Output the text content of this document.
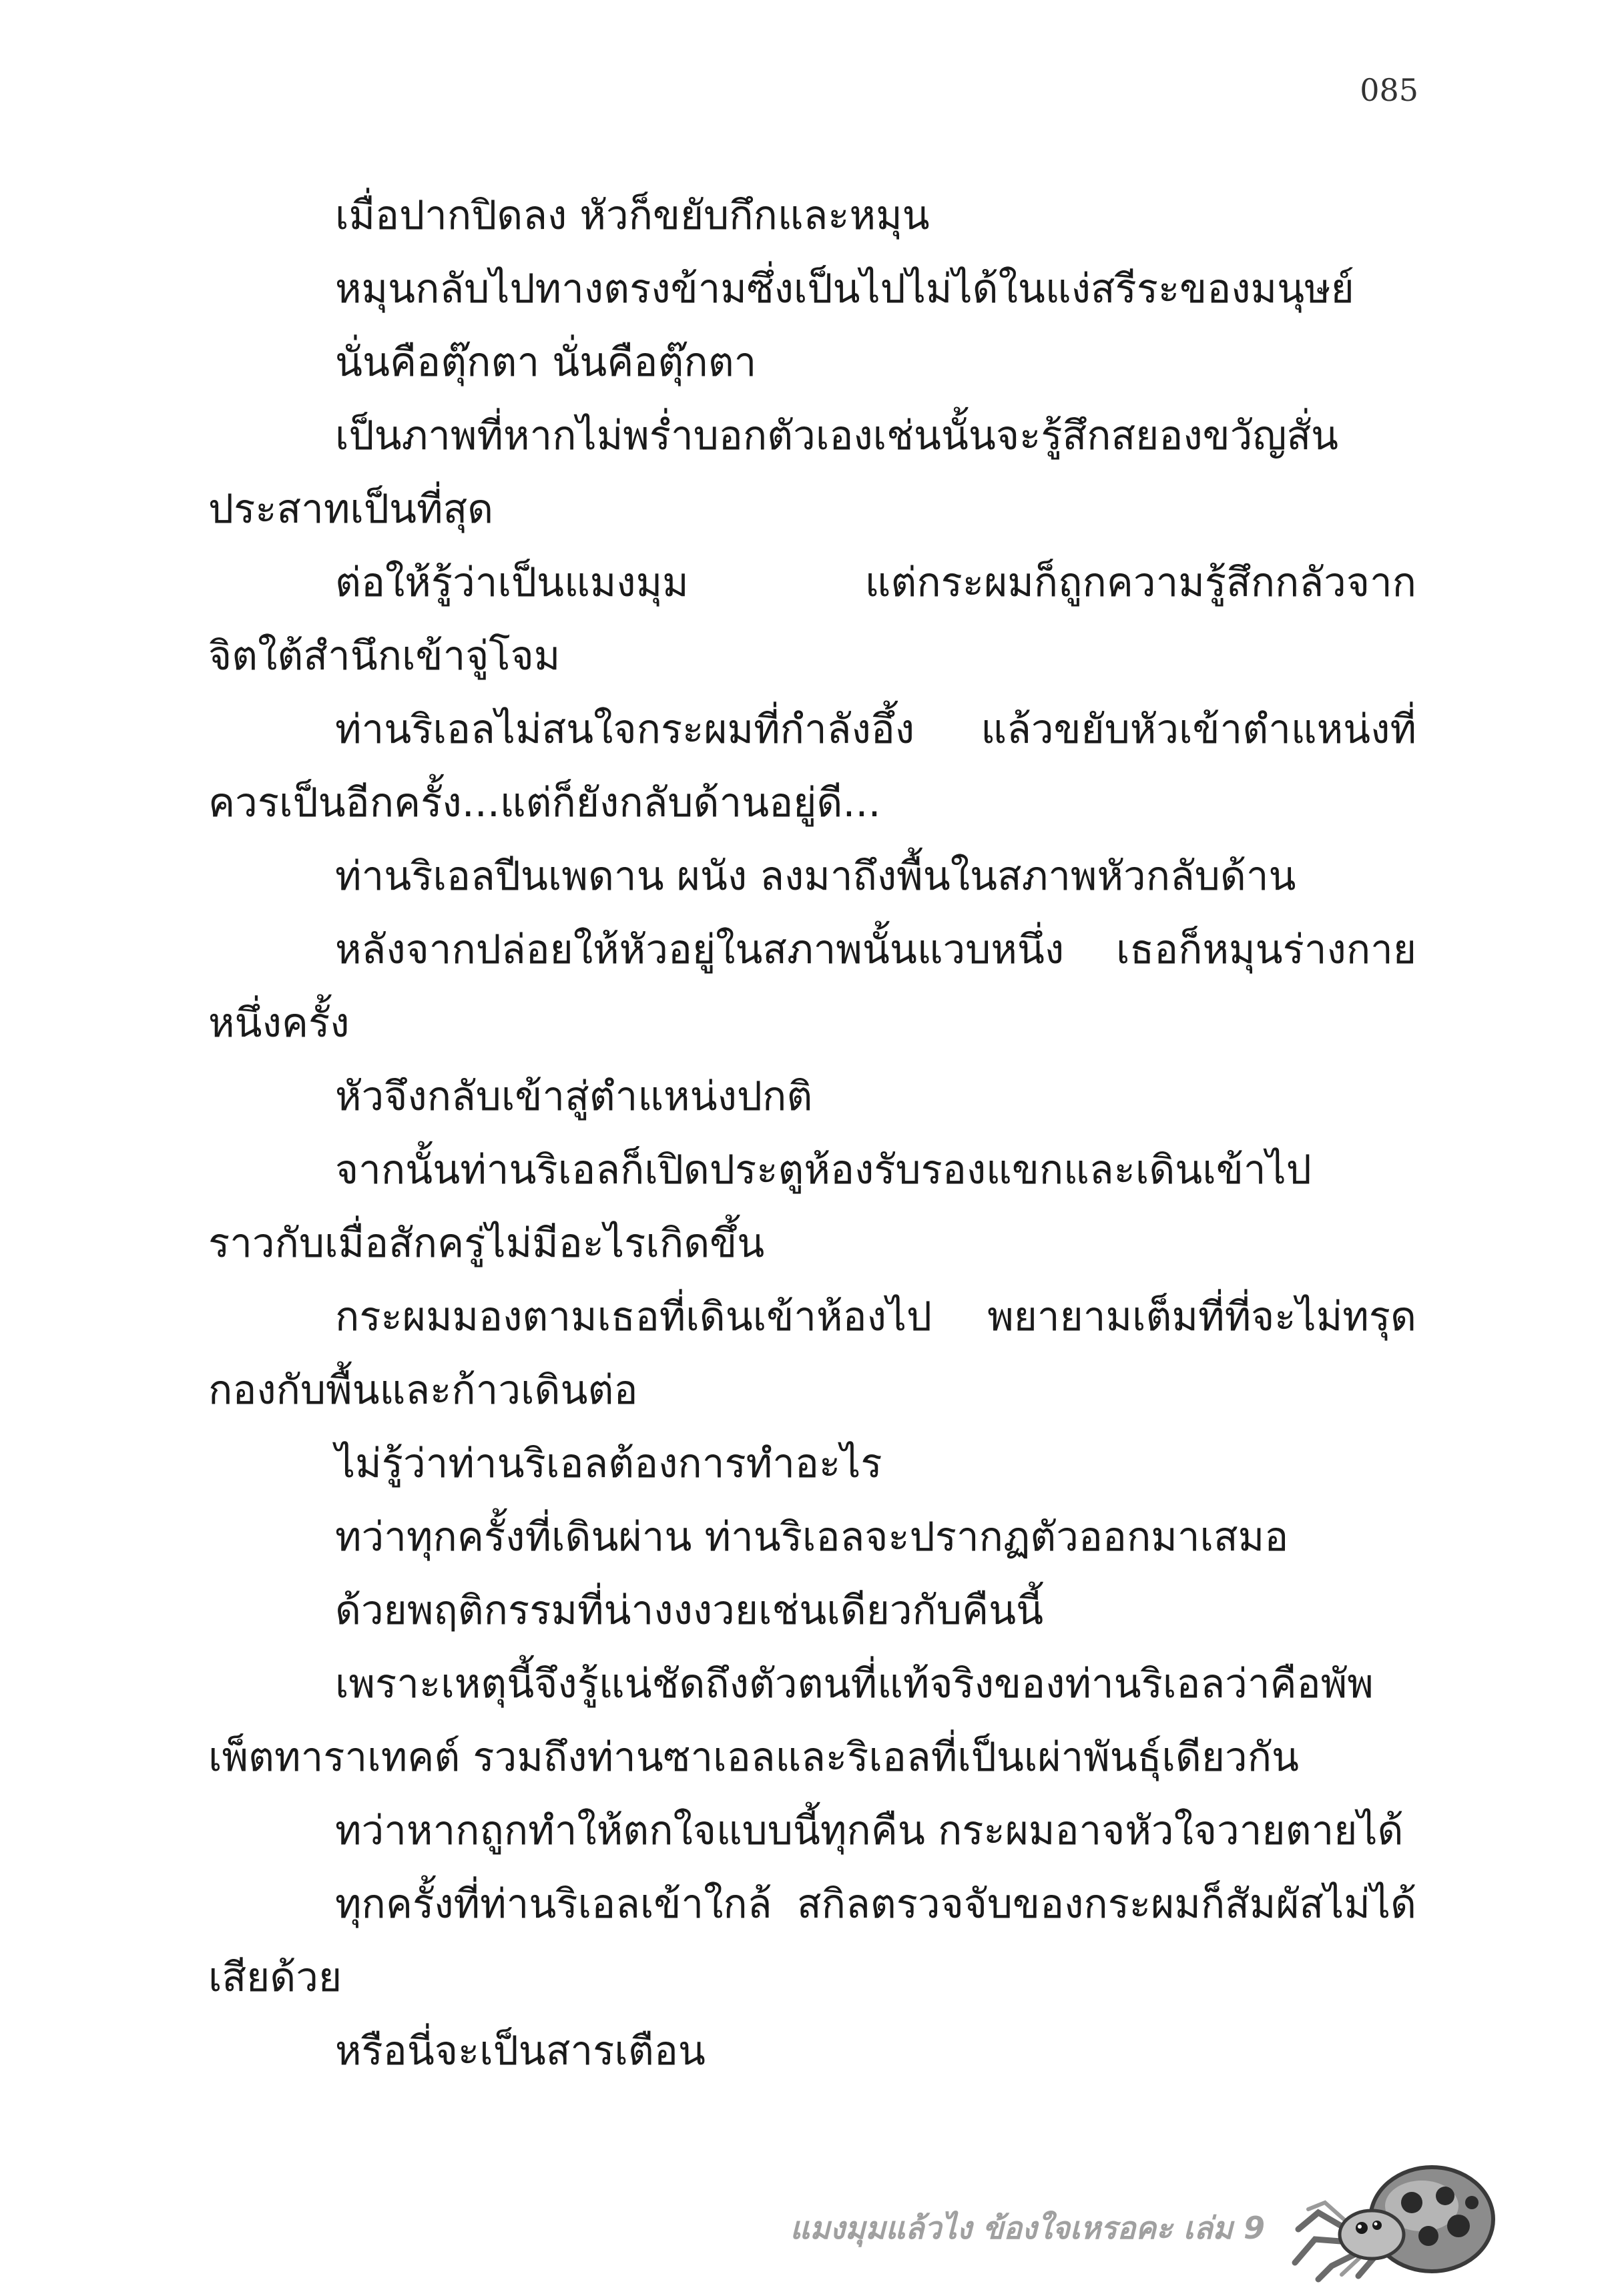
085

เมื่อปากปิดลง หัวก็ขยับกึกและหมุน

หมุนกลับไปทางตรงข้ามซึ่งเป็นไปไม่ได้ในแง่สรีระของมนุษย์

นั่นคือตุ๊กตา นั่นคือตุ๊กตา

เป็นภาพที่หากไม่พร่ำบอกตัวเองเช่นนั้นจะรู้สึกสยองขวัญสั่นประสาทเป็นที่สุด

ต่อให้รู้ว่าเป็นแมงมุม แต่กระผมก็ถูกความรู้สึกกลัวจากจิตใต้สำนึกเข้าจู่โจม

ท่านริเอลไม่สนใจกระผมที่กำลังอึ้ง แล้วขยับหัวเข้าตำแหน่งที่ควรเป็นอีกครั้ง...แต่ก็ยังกลับด้านอยู่ดี...

ท่านริเอลปีนเพดาน ผนัง ลงมาถึงพื้นในสภาพหัวกลับด้าน

หลังจากปล่อยให้หัวอยู่ในสภาพนั้นแวบหนึ่ง เธอก็หมุนร่างกายหนึ่งครั้ง

หัวจึงกลับเข้าสู่ตำแหน่งปกติ

จากนั้นท่านริเอลก็เปิดประตูห้องรับรองแขกและเดินเข้าไปราวกับเมื่อสักครู่ไม่มีอะไรเกิดขึ้น

กระผมมองตามเธอที่เดินเข้าห้องไป พยายามเต็มที่ที่จะไม่ทรุดกองกับพื้นและก้าวเดินต่อ

ไม่รู้ว่าท่านริเอลต้องการทำอะไร

ทว่าทุกครั้งที่เดินผ่าน ท่านริเอลจะปรากฏตัวออกมาเสมอ

ด้วยพฤติกรรมที่น่างงงวยเช่นเดียวกับคืนนี้

เพราะเหตุนี้จึงรู้แน่ชัดถึงตัวตนที่แท้จริงของท่านริเอลว่าคือพัพเพ็ตทาราเทคต์ รวมถึงท่านซาเอลและริเอลที่เป็นเผ่าพันธุ์เดียวกัน

ทว่าหากถูกทำให้ตกใจแบบนี้ทุกคืน กระผมอาจหัวใจวายตายได้

ทุกครั้งที่ท่านริเอลเข้าใกล้ สกิลตรวจจับของกระผมก็สัมผัสไม่ได้เสียด้วย

หรือนี่จะเป็นสารเตือน

แมงมุมแล้วไง ข้องใจเหรอคะ เล่ม 9
